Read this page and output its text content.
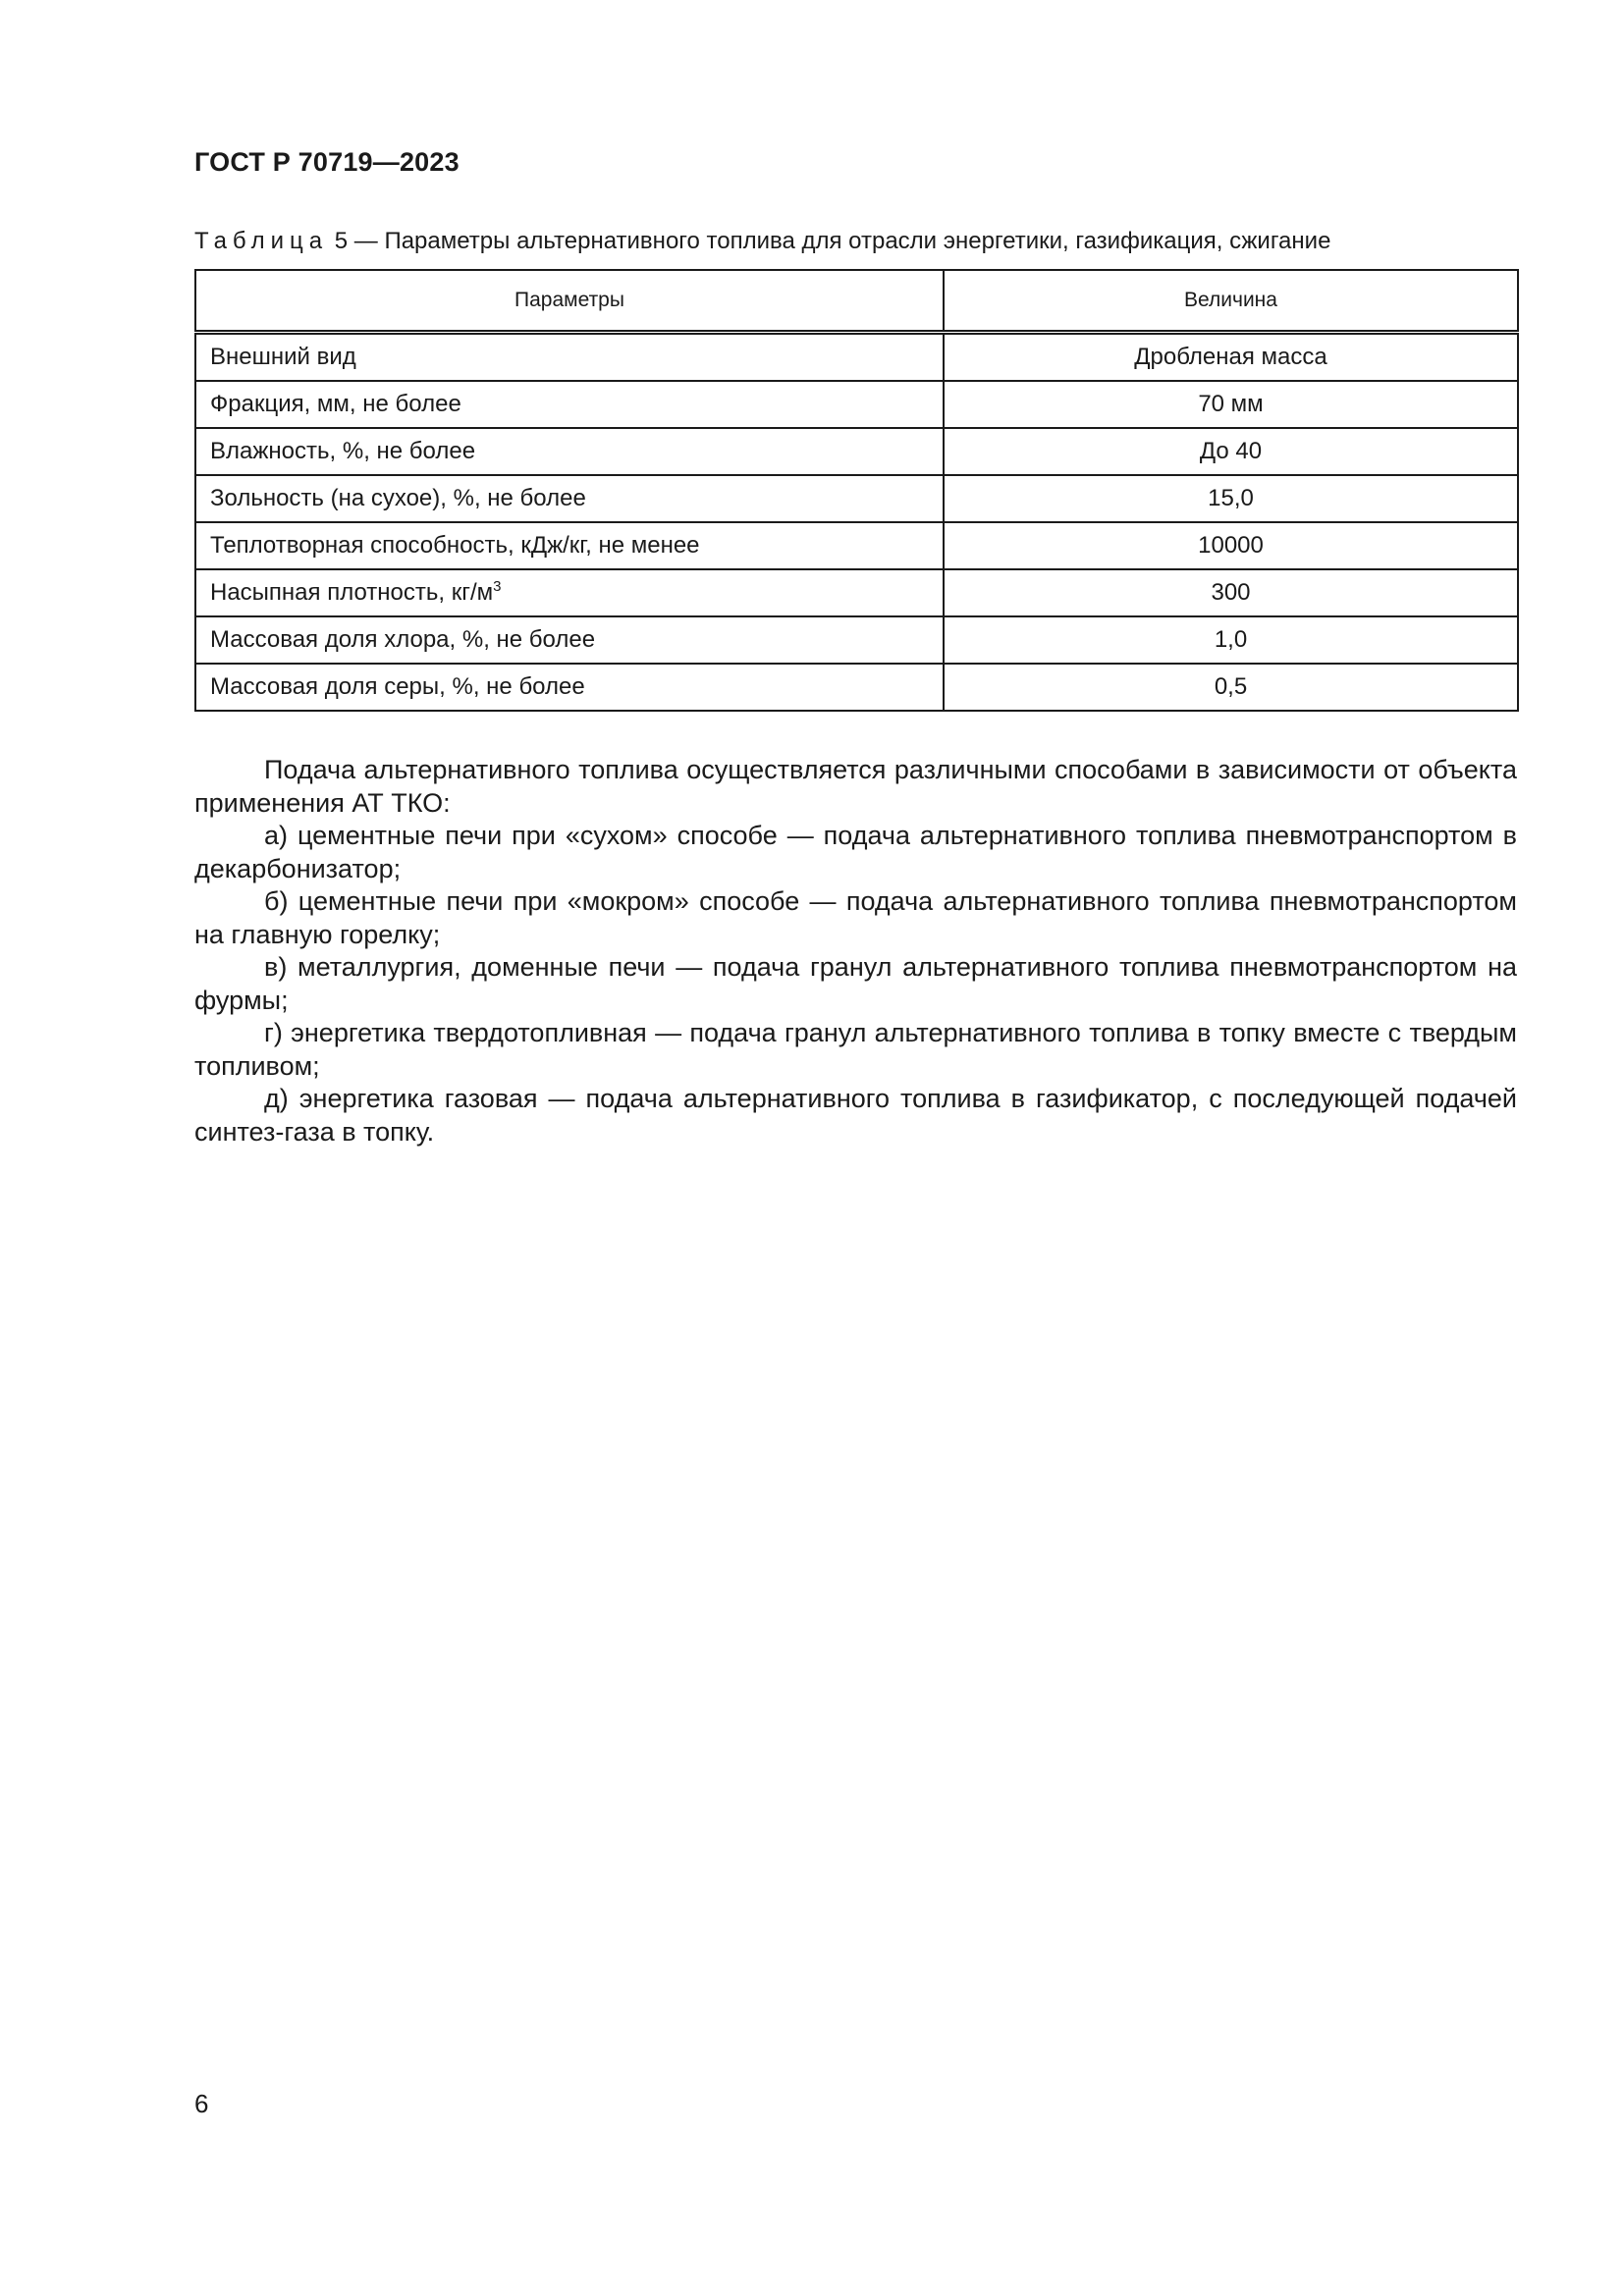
ГОСТ Р 70719—2023
Таблица 5 — Параметры альтернативного топлива для отрасли энергетики, газификация, сжигание
Параметры	Величина
Внешний вид	Дробленая масса
Фракция, мм, не более	70 мм
Влажность, %, не более	До 40
Зольность (на сухое), %, не более	15,0
Теплотворная способность, кДж/кг, не менее	10000
Насыпная плотность, $кг/м^3$	300
Массовая доля хлора, %, не более	1,0
Массовая доля серы, %, не более	0,5

Подача альтернативного топлива осуществляется различными способами в зависимости от объекта применения АТ ТКО:

а) цементные печи при «сухом» способе — подача альтернативного топлива пневмотранспортом в декарбонизатор;

б) цементные печи при «мокром» способе — подача альтернативного топлива пневмотранспортом на главную горелку;

в) металлургия, доменные печи — подача гранул альтернативного топлива пневмотранспортом на фурмы;

г) энергетика твердотопливная — подача гранул альтернативного топлива в топку вместе с твердым топливом;

д) энергетика газовая — подача альтернативного топлива в газификатор, с последующей подачей синтез-газа в топку.

6
